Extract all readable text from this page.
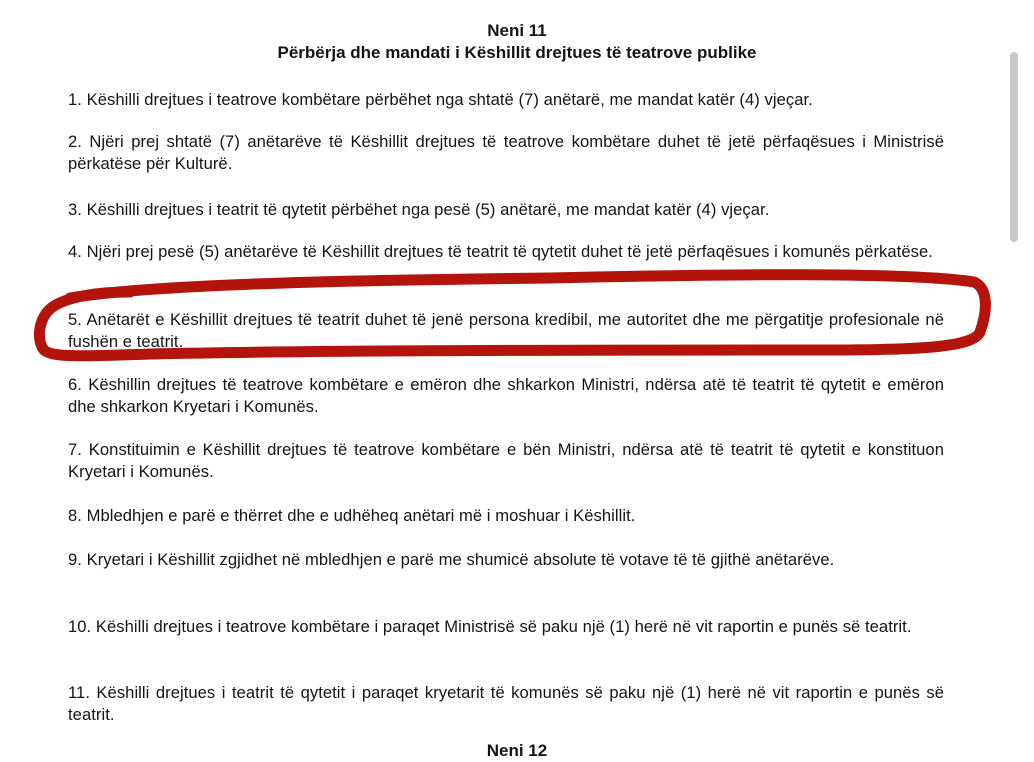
Neni 11
Përbërja dhe mandati i Këshillit drejtues të teatrove publike
1. Këshilli drejtues i teatrove kombëtare përbëhet nga shtatë (7) anëtarë, me mandat katër (4) vjeçar.
2. Njëri prej shtatë (7) anëtarëve të Këshillit drejtues të teatrove kombëtare duhet të jetë përfaqësues i Ministrisë përkatëse për Kulturë.
3. Këshilli drejtues i teatrit të qytetit përbëhet nga pesë (5) anëtarë, me mandat katër (4) vjeçar.
4. Njëri prej pesë (5) anëtarëve të Këshillit drejtues të teatrit të qytetit duhet të jetë përfaqësues i komunës përkatëse.
5. Anëtarët e Këshillit drejtues të teatrit duhet të jenë persona kredibil, me autoritet dhe me përgatitje profesionale në fushën e teatrit.
6. Këshillin drejtues të teatrove kombëtare e emëron dhe shkarkon Ministri, ndërsa atë të teatrit të qytetit e emëron dhe shkarkon Kryetari i Komunës.
7. Konstituimin e Këshillit drejtues të teatrove kombëtare e bën Ministri, ndërsa atë të teatrit të qytetit e konstituon Kryetari i Komunës.
8. Mbledhjen e parë e thërret dhe e udhëheq anëtari më i moshuar i Këshillit.
9. Kryetari i Këshillit zgjidhet në mbledhjen e parë me shumicë absolute të votave të të gjithë anëtarëve.
10. Këshilli drejtues i teatrove kombëtare i paraqet Ministrisë së paku një (1) herë në vit raportin e punës së teatrit.
11. Këshilli drejtues i teatrit të qytetit i paraqet kryetarit të komunës së paku një (1) herë në vit raportin e punës së teatrit.
Neni 12
